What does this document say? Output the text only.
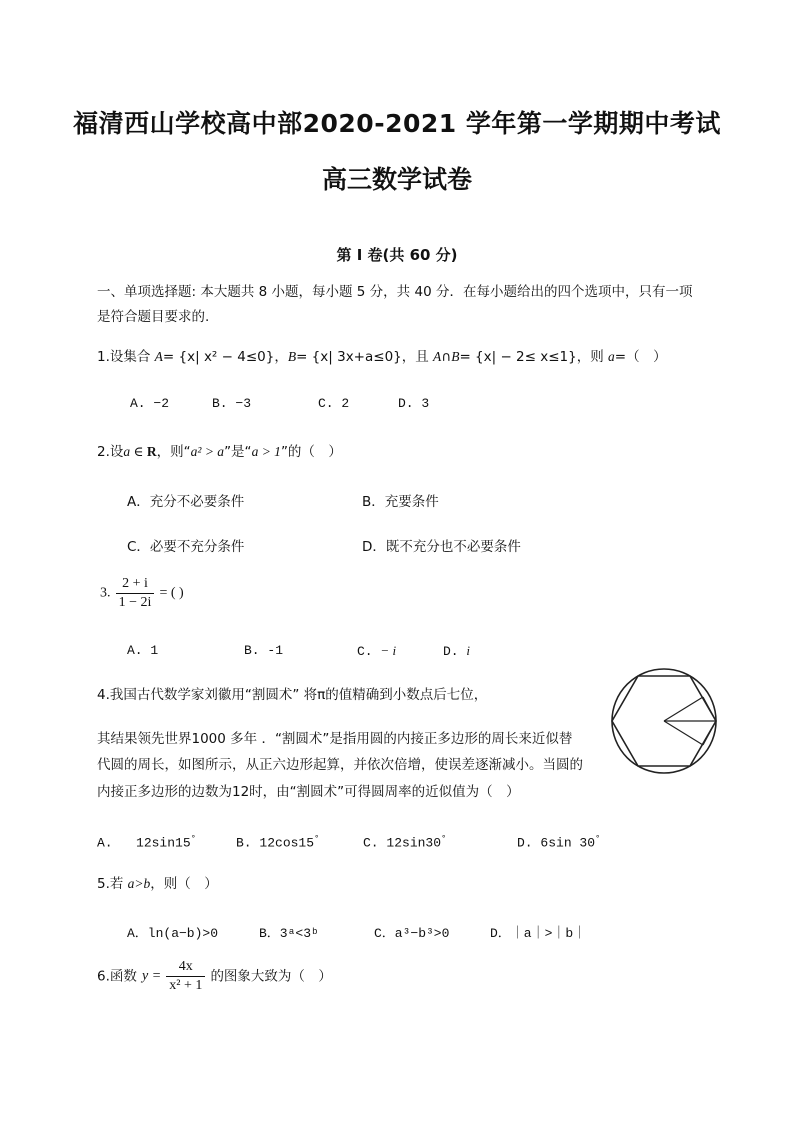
福清西山学校高中部2020-2021 学年第一学期期中考试
高三数学试卷
第 I 卷(共 60 分)
一、单项选择题: 本大题共 8 小题，每小题 5 分，共 40 分．在每小题给出的四个选项中，只有一项
是符合题目要求的.
1.设集合 A= {x| x² − 4≤0}，B= {x| 3x+a≤0}，且 A∩B= {x| − 2≤ x≤1}，则 a=（　）
A. −2	B. −3	C. 2	D. 3
2.设a ∈ R，则“a² > a”是“a > 1”的（　）
A．充分不必要条件	B．充要条件
C．必要不充分条件	D．既不充分也不必要条件
3. $\frac{2 + i}{1 - 2i}$ = ( )
A. 1	B. -1	C. − i	D. i
4.我国古代数学家刘徽用“割圆术” 将π的值精确到小数点后七位，
其结果领先世界1000 多年 ．“割圆术”是指用圆的内接正多边形的周长来近似替
代圆的周长，如图所示，从正六边形起算，并依次倍增，使误差逐渐减小。当圆的
内接正多边形的边数为12时，由“割圆术”可得圆周率的近似值为（　）
A. 12sin15°	B. 12cos15°	C. 12sin30°	D. 6sin 30°
5.若 a>b，则（　）
A．ln(a−b)>0	B．3ᵃ<3ᵇ	C．a³−b³>0	D．｜a｜>｜b｜
6.函数 $y = \frac{4x}{\text{x² + 1}}$ 的图象大致为（　）
